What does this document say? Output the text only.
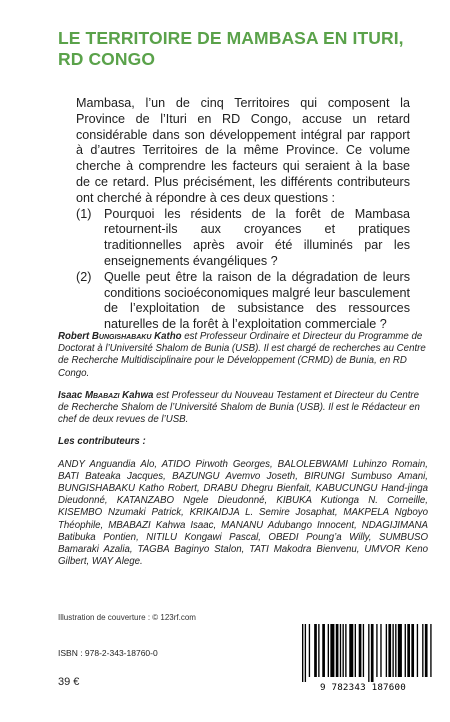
LE TERRITOIRE DE MAMBASA EN ITURI,
RD CONGO

Mambasa, l’un de cinq Territoires qui composent la Province de l’Ituri en RD Congo, accuse un retard considérable dans son développement intégral par rapport à d’autres Territoires de la même Province. Ce volume cherche à comprendre les facteurs qui seraient à la base de ce retard. Plus précisément, les différents contributeurs ont cherché à répondre à ces deux questions :

(1) Pourquoi les résidents de la forêt de Mambasa retournent-ils aux croyances et pratiques traditionnelles après avoir été illuminés par les enseignements évangéliques ?
(2) Quelle peut être la raison de la dégradation de leurs conditions socioéconomiques malgré leur basculement de l’exploitation de subsistance des ressources naturelles de la forêt à l’exploitation commerciale ?

Robert Bungishabaku Katho est Professeur Ordinaire et Directeur du Programme de Doctorat à l’Université Shalom de Bunia (USB). Il est chargé de recherches au Centre de Recherche Multidisciplinaire pour le Développement (CRMD) de Bunia, en RD Congo.

Isaac Mbabazi Kahwa est Professeur du Nouveau Testament et Directeur du Centre de Recherche Shalom de l’Université Shalom de Bunia (USB). Il est le Rédacteur en chef de deux revues de l’USB.

Les contributeurs :

ANDY Anguandia Alo, ATIDO Pirwoth Georges, BALOLEBWAMI Luhinzo Romain, BATI Bateaka Jacques, BAZUNGU Avemvo Joseth, BIRUNGI Sumbuso Amani, BUNGISHABAKU Katho Robert, DRABU Dhegru Bienfait, KABUCUNGU Hand-jinga Dieudonné, KATANZABO Ngele Dieudonné, KIBUKA Kutionga N. Corneille, KISEMBO Nzumaki Patrick, KRIKAIDJA L. Semire Josaphat, MAKPELA Ngboyo Théophile, MBABAZI Kahwa Isaac, MANANU Adubango Innocent, NDAGIJIMANA Batibuka Pontien, NITILU Kongawi Pascal, OBEDI Poung’a Willy, SUMBUSO Bamaraki Azalia, TAGBA Baginyo Stalon, TATI Makodra Bienvenu, UMVOR Keno Gilbert, WAY Alege.

Illustration de couverture : © 123rf.com
ISBN : 978-2-343-18760-0
39 €	9 782343 187600
